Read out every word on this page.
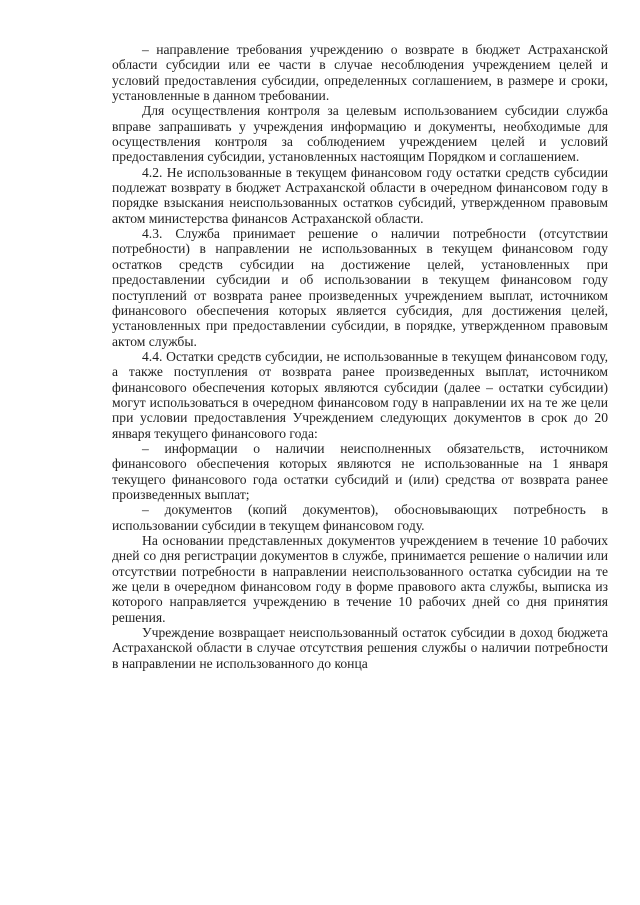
– направление требования учреждению о возврате в бюджет Астраханской области субсидии или ее части в случае несоблюдения учреждением целей и условий предоставления субсидии, определенных соглашением, в размере и сроки, установленные в данном требовании.

Для осуществления контроля за целевым использованием субсидии служба вправе запрашивать у учреждения информацию и документы, необходимые для осуществления контроля за соблюдением учреждением целей и условий предоставления субсидии, установленных настоящим Порядком и соглашением.

4.2. Не использованные в текущем финансовом году остатки средств субсидии подлежат возврату в бюджет Астраханской области в очередном финансовом году в порядке взыскания неиспользованных остатков субсидий, утвержденном правовым актом министерства финансов Астраханской области.

4.3. Служба принимает решение о наличии потребности (отсутствии потребности) в направлении не использованных в текущем финансовом году остатков средств субсидии на достижение целей, установленных при предоставлении субсидии и об использовании в текущем финансовом году поступлений от возврата ранее произведенных учреждением выплат, источником финансового обеспечения которых является субсидия, для достижения целей, установленных при предоставлении субсидии, в порядке, утвержденном правовым актом службы.

4.4. Остатки средств субсидии, не использованные в текущем финансовом году, а также поступления от возврата ранее произведенных выплат, источником финансового обеспечения которых являются субсидии (далее – остатки субсидии) могут использоваться в очередном финансовом году в направлении их на те же цели при условии предоставления Учреждением следующих документов в срок до 20 января текущего финансового года:

– информации о наличии неисполненных обязательств, источником финансового обеспечения которых являются не использованные на 1 января текущего финансового года остатки субсидий и (или) средства от возврата ранее произведенных выплат;

– документов (копий документов), обосновывающих потребность в использовании субсидии в текущем финансовом году.

На основании представленных документов учреждением в течение 10 рабочих дней со дня регистрации документов в службе, принимается решение о наличии или отсутствии потребности в направлении неиспользованного остатка субсидии на те же цели в очередном финансовом году в форме правового акта службы, выписка из которого направляется учреждению в течение 10 рабочих дней со дня принятия решения.

Учреждение возвращает неиспользованный остаток субсидии в доход бюджета Астраханской области в случае отсутствия решения службы о наличии потребности в направлении не использованного до конца
